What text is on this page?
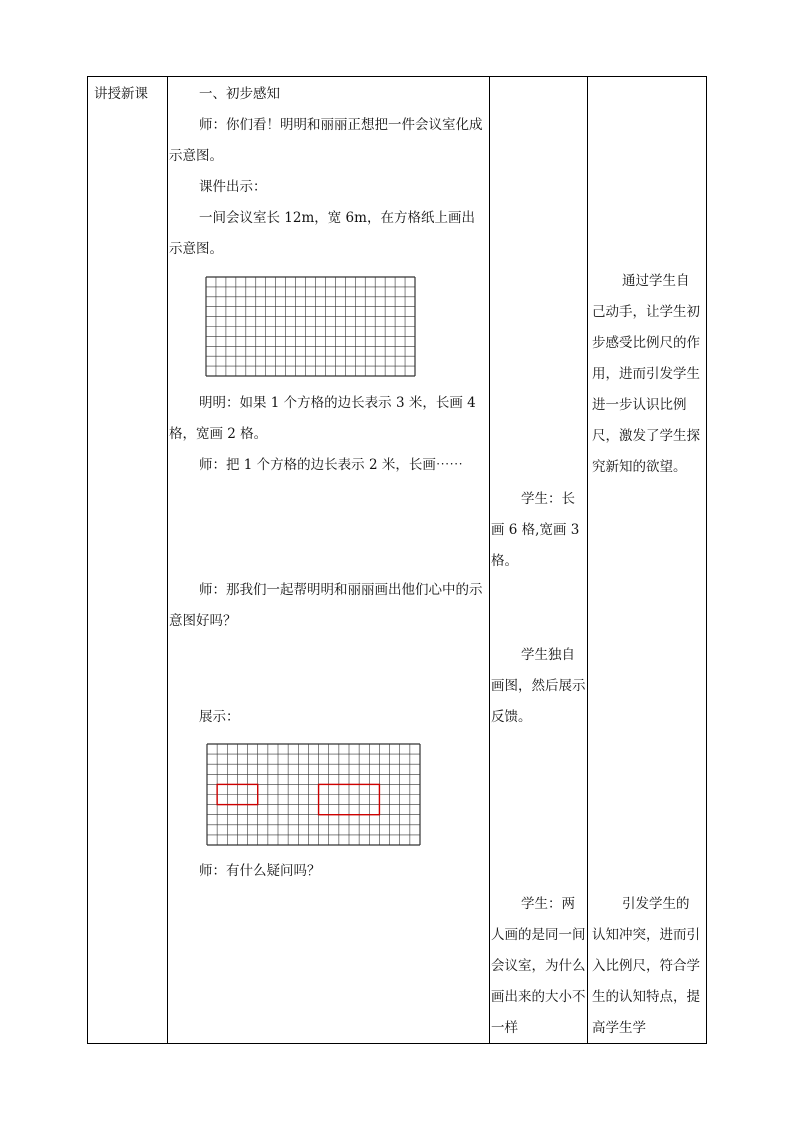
讲授新课	一、初步感知
师：你们看！明明和丽丽正想把一件会议室化成示意图。
课件出示：
一间会议室长 12m，宽 6m，在方格纸上画出示意图。
明明：如果 1 个方格的边长表示 3 米，长画 4 格，宽画 2 格。
师：把 1 个方格的边长表示 2 米，长画⋯⋯
师：那我们一起帮明明和丽丽画出他们心中的示意图好吗？
展示：
师：有什么疑问吗？
学生：长画 6 格,宽画 3 格。
学生独自画图，然后展示反馈。
学生：两人画的是同一间会议室，为什么画出来的大小不一样
通过学生自己动手，让学生初步感受比例尺的作用，进而引发学生进一步认识比例尺，激发了学生探究新知的欲望。
引发学生的认知冲突，进而引入比例尺，符合学生的认知特点，提高学生学
